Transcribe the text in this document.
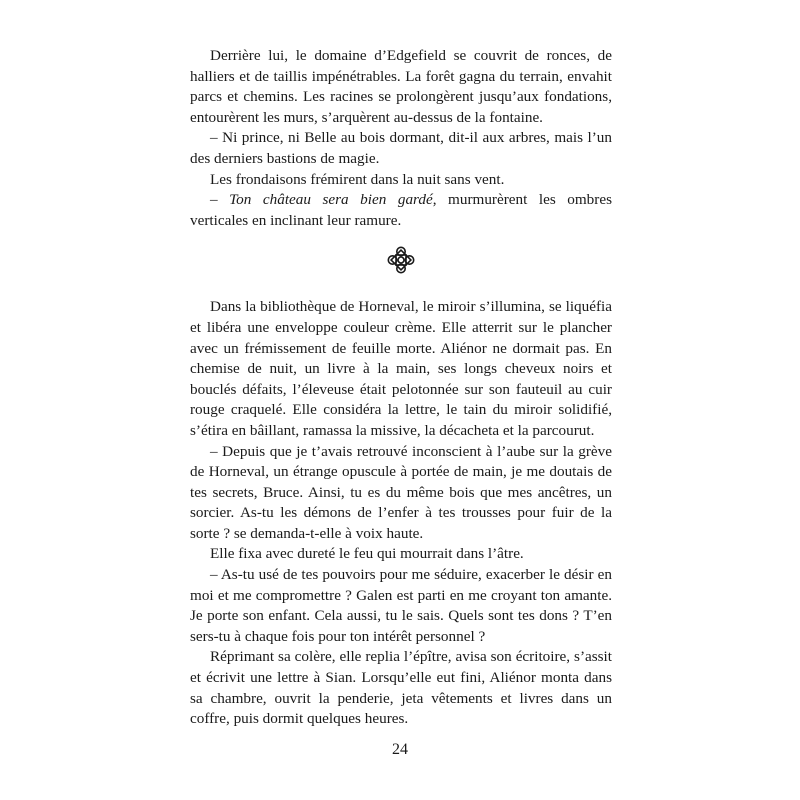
Derrière lui, le domaine d’Edgefield se couvrit de ronces, de halliers et de taillis impénétrables. La forêt gagna du terrain, envahit parcs et chemins. Les racines se prolongèrent jusqu’aux fondations, entourèrent les murs, s’arquèrent au-dessus de la fontaine.

– Ni prince, ni Belle au bois dormant, dit-il aux arbres, mais l’un des derniers bastions de magie.

Les frondaisons frémirent dans la nuit sans vent.

– Ton château sera bien gardé, murmurèrent les ombres verticales en inclinant leur ramure.

Dans la bibliothèque de Horneval, le miroir s’illumina, se liquéfia et libéra une enveloppe couleur crème. Elle atterrit sur le plancher avec un frémissement de feuille morte. Aliénor ne dormait pas. En chemise de nuit, un livre à la main, ses longs cheveux noirs et bouclés défaits, l’éleveuse était pelotonnée sur son fauteuil au cuir rouge craquelé. Elle considéra la lettre, le tain du miroir solidifié, s’étira en bâillant, ramassa la missive, la décacheta et la parcourut.

– Depuis que je t’avais retrouvé inconscient à l’aube sur la grève de Horneval, un étrange opuscule à portée de main, je me doutais de tes secrets, Bruce. Ainsi, tu es du même bois que mes ancêtres, un sorcier. As-tu les démons de l’enfer à tes trousses pour fuir de la sorte ? se demanda-t-elle à voix haute.

Elle fixa avec dureté le feu qui mourrait dans l’âtre.

– As-tu usé de tes pouvoirs pour me séduire, exacerber le désir en moi et me compromettre ? Galen est parti en me croyant ton amante. Je porte son enfant. Cela aussi, tu le sais. Quels sont tes dons ? T’en sers-tu à chaque fois pour ton intérêt personnel ?

Réprimant sa colère, elle replia l’épître, avisa son écritoire, s’assit et écrivit une lettre à Sian. Lorsqu’elle eut fini, Aliénor monta dans sa chambre, ouvrit la penderie, jeta vêtements et livres dans un coffre, puis dormit quelques heures.

24
